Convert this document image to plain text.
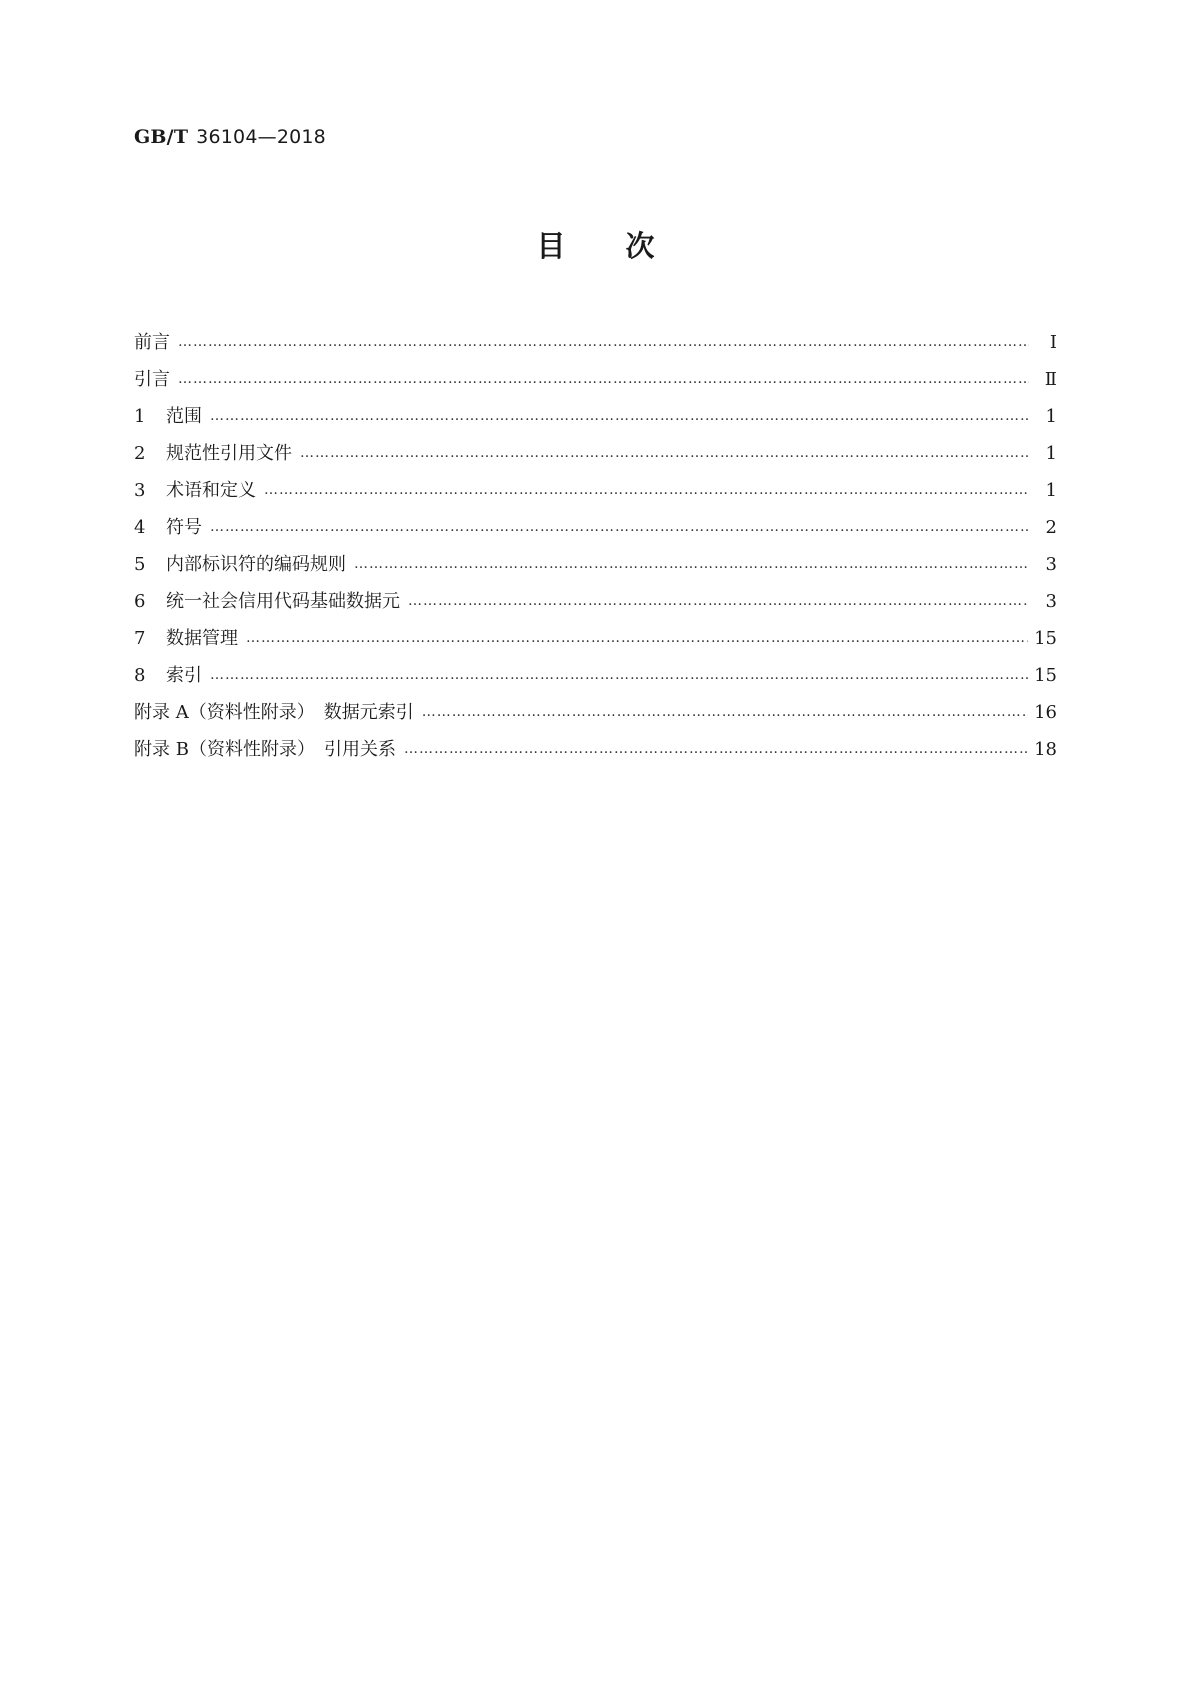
GB/T 36104—2018
目次
前言 ……………………………………………………………………………………………………………………………………………………………………………………………………………………………………………………………	Ⅰ
引言 ……………………………………………………………………………………………………………………………………………………………………………………………………………………………………………………………	Ⅱ
1	范围 ……………………………………………………………………………………………………………………………………………………………………………………………………………………………………………………………	1
2	规范性引用文件 ……………………………………………………………………………………………………………………………………………………………………………………………………………………………………………………………	1
3	术语和定义 ……………………………………………………………………………………………………………………………………………………………………………………………………………………………………………………………	1
4	符号 ……………………………………………………………………………………………………………………………………………………………………………………………………………………………………………………………	2
5	内部标识符的编码规则 ……………………………………………………………………………………………………………………………………………………………………………………………………………………………………………………………	3
6	统一社会信用代码基础数据元 ……………………………………………………………………………………………………………………………………………………………………………………………………………………………………………………………	3
7	数据管理 ……………………………………………………………………………………………………………………………………………………………………………………………………………………………………………………………	15
8	索引 ……………………………………………………………………………………………………………………………………………………………………………………………………………………………………………………………	15
附录 A（资料性附录）　数据元索引 ……………………………………………………………………………………………………………………………………………………………………………………………………………………………………………………………	16
附录 B（资料性附录）　引用关系 ……………………………………………………………………………………………………………………………………………………………………………………………………………………………………………………………	18
